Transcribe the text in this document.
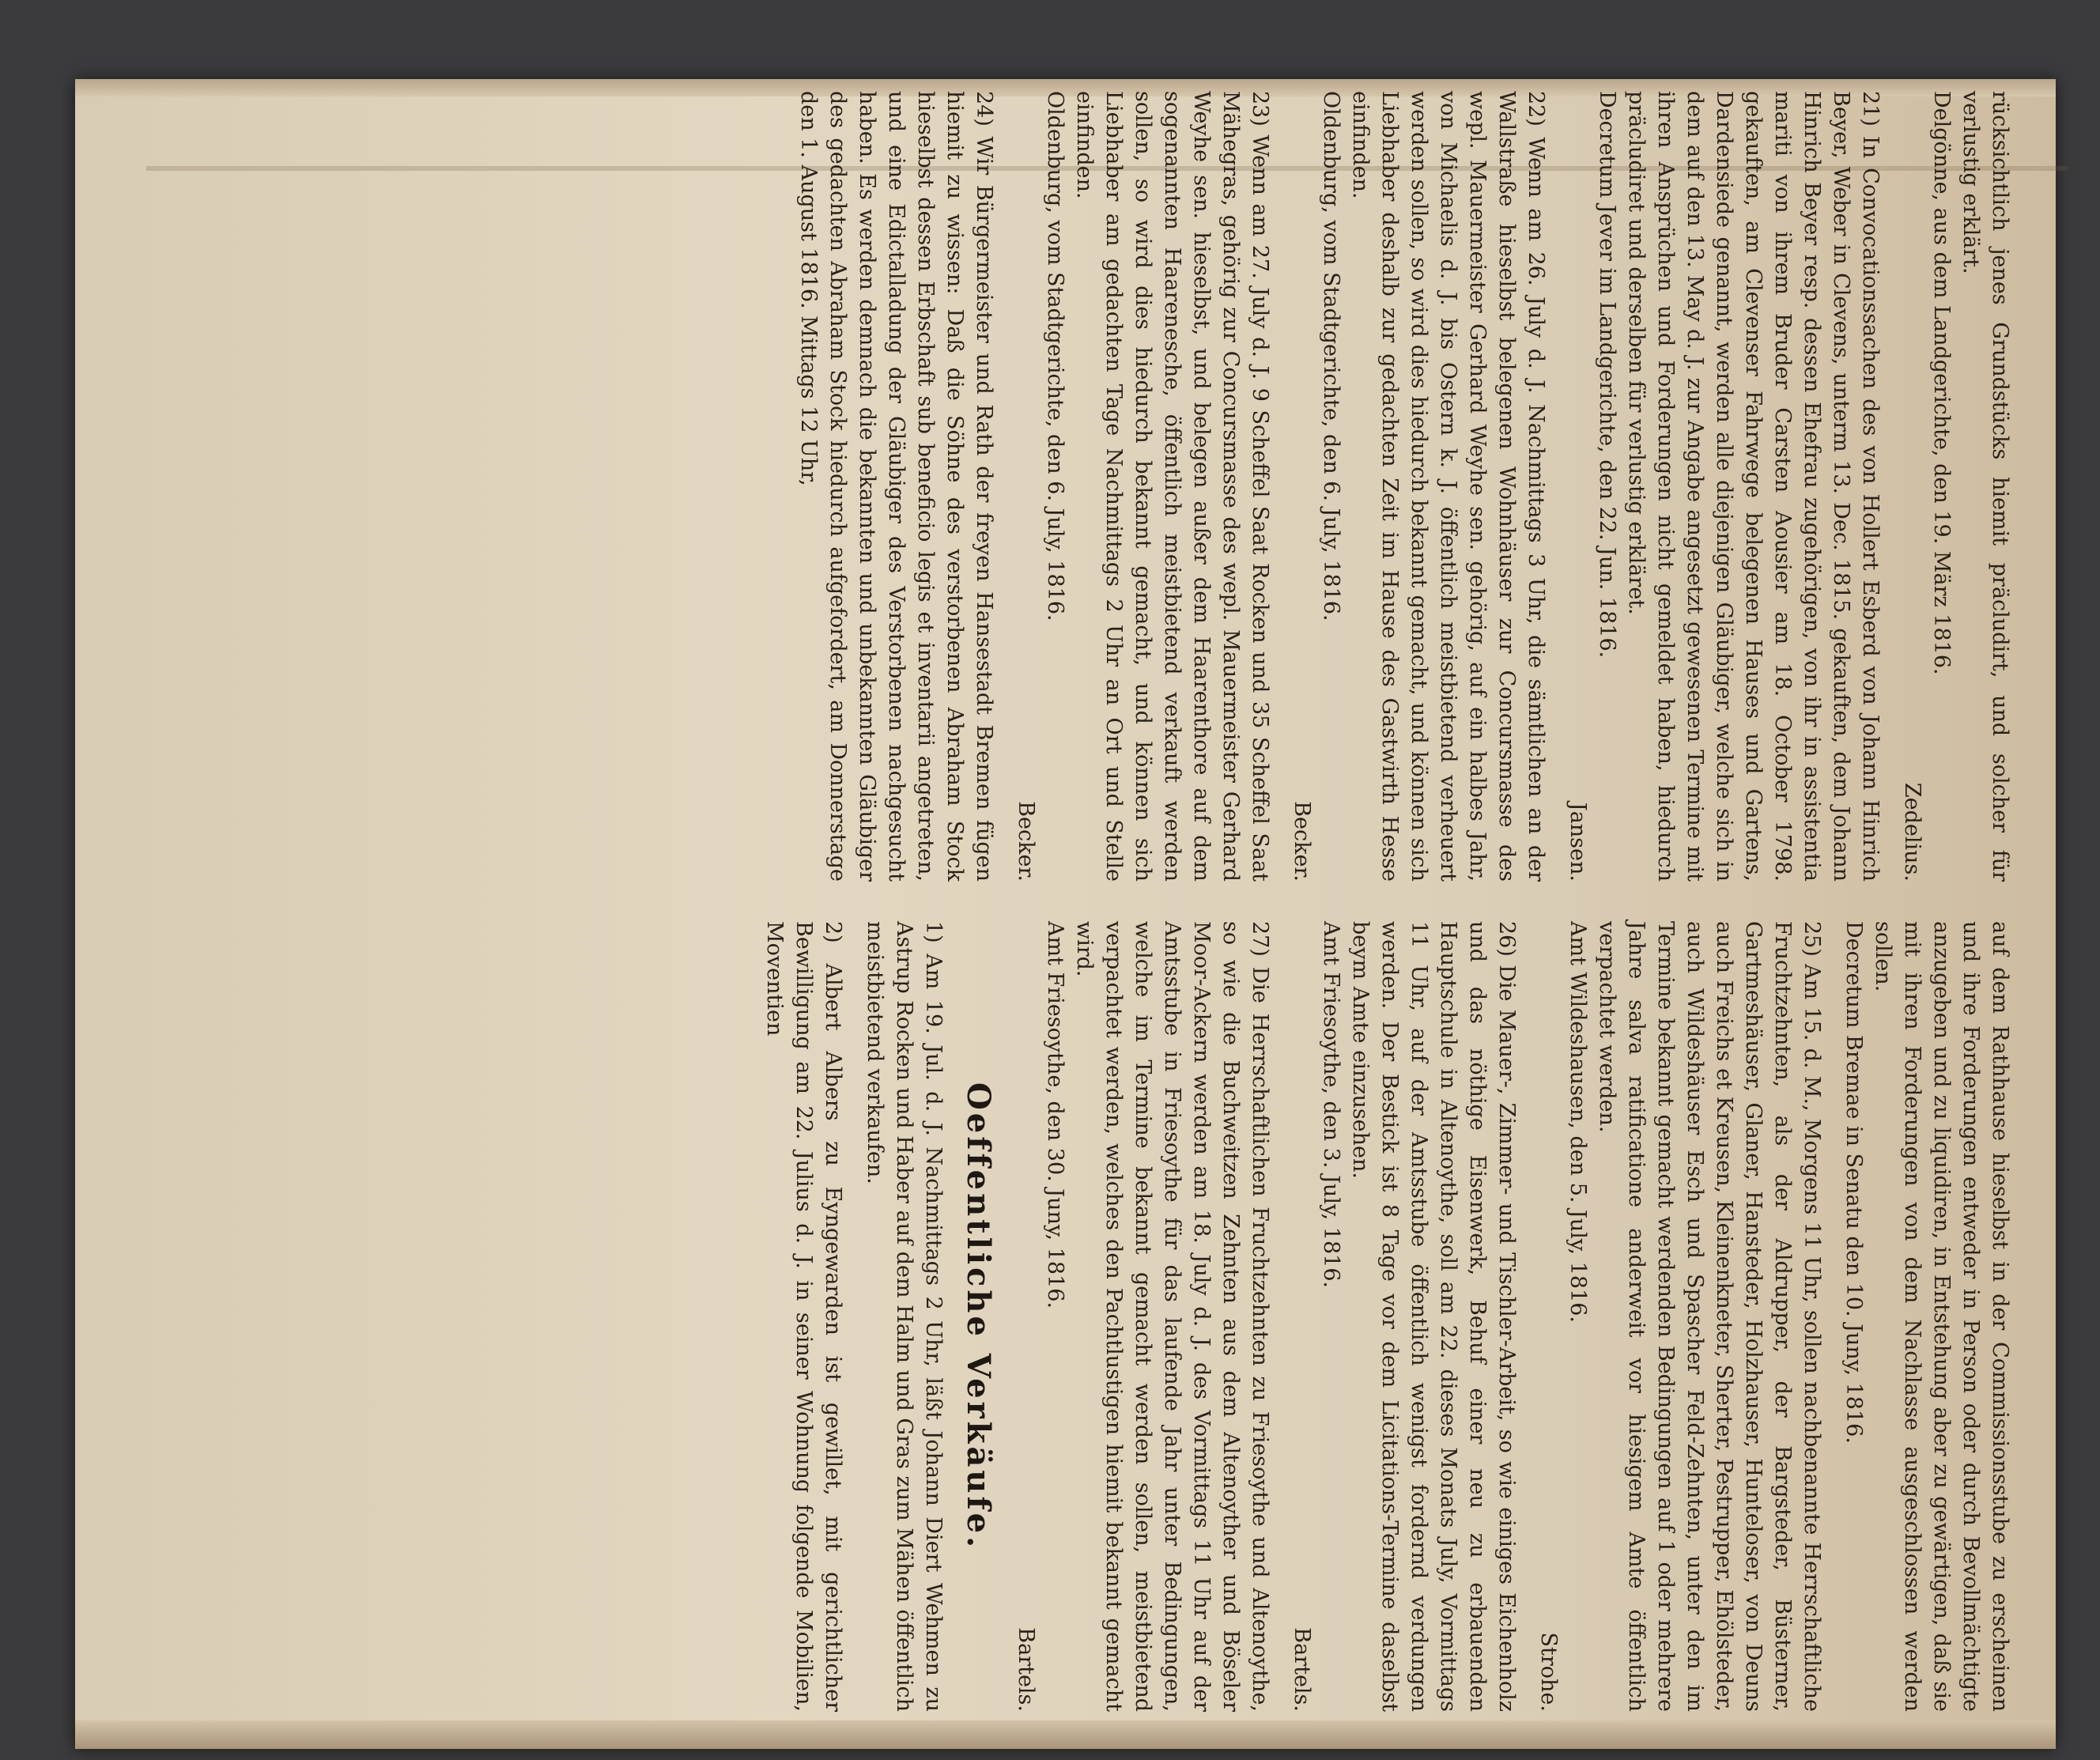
rücksichtlich jenes Grundstücks hiemit präcludirt, und solcher für verlustig erklärt.

Delgönne, aus dem Landgerichte, den 19. März 1816.

Zedelius.

21) In Convocationssachen des von Hollert Esberd von Johann Hinrich Beyer, Weber in Clevens, unterm 13. Dec. 1815. gekauften, dem Johann Hinrich Beyer resp. dessen Ehefrau zugehörigen, von ihr in assistentia mariti von ihrem Bruder Carsten Aousier am 18. October 1798. gekauften, am Clevenser Fahrwege belegenen Hauses und Gartens, Dardensiede genannt, werden alle diejenigen Gläubiger, welche sich in dem auf den 13. May d. J. zur Angabe angesetzt gewesenen Termine mit ihren Ansprüchen und Forderungen nicht gemeldet haben, hiedurch präcludiret und derselben für verlustig erkläret.

Decretum Jever im Landgerichte, den 22. Jun. 1816.

Jansen.

22) Wenn am 26. July d. J. Nachmittags 3 Uhr, die sämtlichen an der Wallstraße hieselbst belegenen Wohnhäuser zur Concursmasse des wepl. Mauermeister Gerhard Weyhe sen. gehörig, auf ein halbes Jahr, von Michaelis d. J. bis Ostern k. J. öffentlich meistbietend verheuert werden sollen, so wird dies hiedurch bekannt gemacht, und können sich Liebhaber deshalb zur gedachten Zeit im Hause des Gastwirth Hesse einfinden.

Oldenburg, vom Stadtgerichte, den 6. July, 1816.

Becker.

23) Wenn am 27. July d. J. 9 Scheffel Saat Rocken und 35 Scheffel Saat Mähegras, gehörig zur Concursmasse des wepl. Mauermeister Gerhard Weyhe sen. hieselbst, und belegen außer dem Haarenthore auf dem sogenannten Haarenesche, öffentlich meistbietend verkauft werden sollen, so wird dies hiedurch bekannt gemacht, und können sich Liebhaber am gedachten Tage Nachmittags 2 Uhr an Ort und Stelle einfinden.

Oldenburg, vom Stadtgerichte, den 6. July, 1816.

Becker.

24) Wir Bürgermeister und Rath der freyen Hansestadt Bremen fügen hiemit zu wissen: Daß die Söhne des verstorbenen Abraham Stock hieselbst dessen Erbschaft sub beneficio legis et inventarii angetreten, und eine Edictalladung der Gläubiger des Verstorbenen nachgesucht haben. Es werden demnach die bekannten und unbekannten Gläubiger des gedachten Abraham Stock hiedurch aufgefordert, am Donnerstage den 1. August 1816. Mittags 12 Uhr,

auf dem Rathhause hieselbst in der Commissionsstube zu erscheinen und ihre Forderungen entweder in Person oder durch Bevollmächtigte anzugeben und zu liquidiren, in Entstehung aber zu gewärtigen, daß sie mit ihren Forderungen von dem Nachlasse ausgeschlossen werden sollen.

Decretum Bremae in Senatu den 10. Juny, 1816.

25) Am 15. d. M., Morgens 11 Uhr, sollen nachbenannte Herrschaftliche Fruchtzehnten, als der Aldrupper, der Bargsteder, Büsterner, Gartmeshäuser, Glaner, Hansteder, Holzhauser, Hunteloser, von Deuns auch Freichs et Kreusen, Kleinenkneter, Sherter, Pestrupper, Ehölsteder, auch Wildeshäuser Esch und Spascher Feld-Zehnten, unter den im Termine bekannt gemacht werdenden Bedingungen auf 1 oder mehrere Jahre salva ratificatione anderweit vor hiesigem Amte öffentlich verpachtet werden.

Amt Wildeshausen, den 5. July, 1816.

Strohe.

26) Die Mauer-, Zimmer- und Tischler-Arbeit, so wie einiges Eichenholz und das nöthige Eisenwerk, Behuf einer neu zu erbauenden Hauptschule in Altenoythe, soll am 22. dieses Monats July, Vormittags 11 Uhr, auf der Amtsstube öffentlich wenigst fordernd verdungen werden. Der Bestick ist 8 Tage vor dem Licitations-Termine daselbst beym Amte einzusehen.

Amt Friesoythe, den 3. July, 1816.

Bartels.

27) Die Herrschaftlichen Fruchtzehnten zu Friesoythe und Altenoythe, so wie die Buchweitzen Zehnten aus dem Altenoyther und Böseler Moor-Ackern werden am 18. July d. J. des Vormittags 11 Uhr auf der Amtsstube in Friesoythe für das laufende Jahr unter Bedingungen, welche im Termine bekannt gemacht werden sollen, meistbietend verpachtet werden, welches den Pachtlustigen hiemit bekannt gemacht wird.

Amt Friesoythe, den 30. Juny, 1816.

Bartels.
Oeffentliche Verkäufe.

1) Am 19. Jul. d. J. Nachmittags 2 Uhr, läßt Johann Diert Wehmen zu Astrup Rocken und Haber auf dem Halm und Gras zum Mähen öffentlich meistbietend verkaufen.

2) Albert Albers zu Eyngewarden ist gewillet, mit gerichtlicher Bewilligung am 22. Julius d. J. in seiner Wohnung folgende Mobilien, Moventien
